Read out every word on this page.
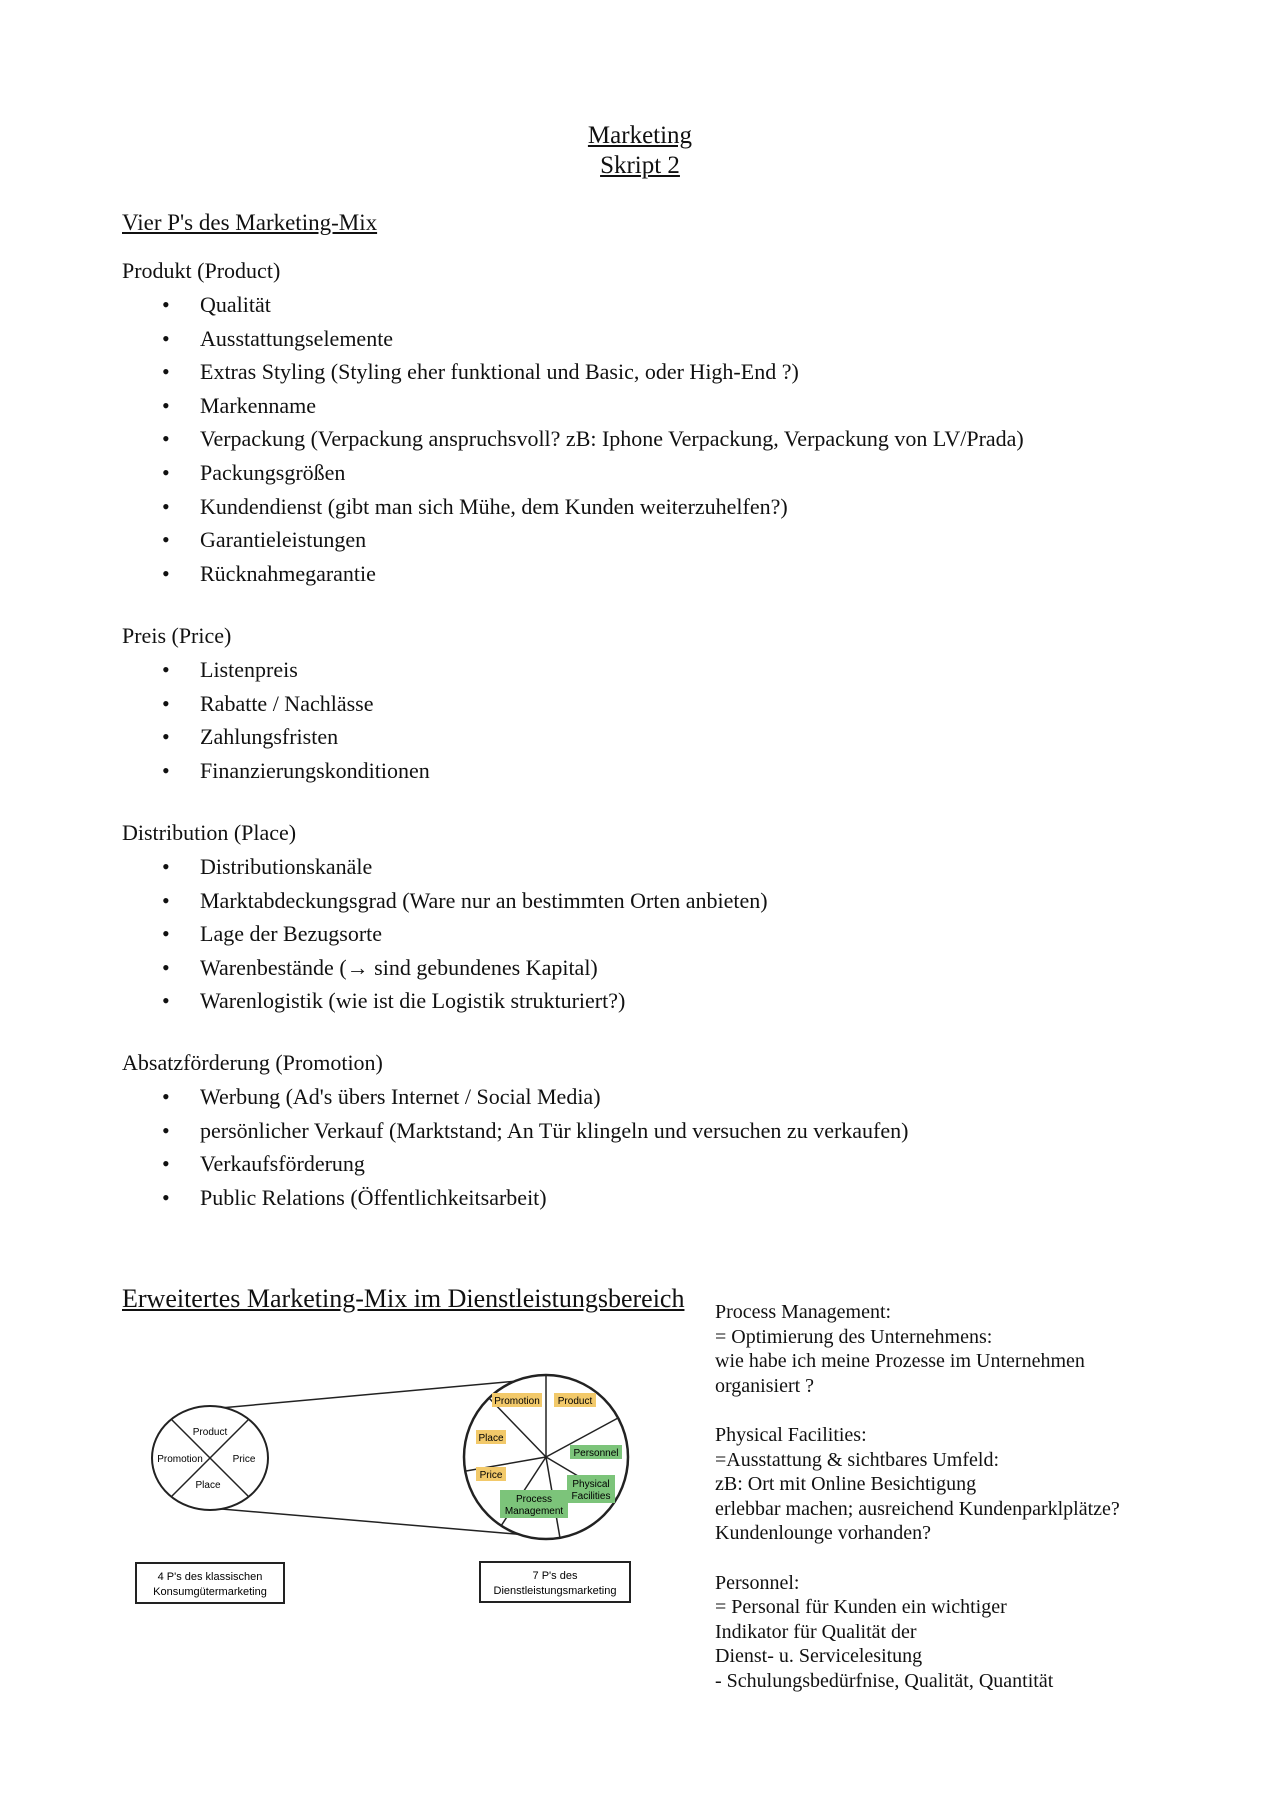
Marketing
Skript 2
Vier P's des Marketing-Mix
Produkt (Product)
• Qualität
• Ausstattungselemente
• Extras Styling (Styling eher funktional und Basic, oder High-End ?)
• Markenname
• Verpackung (Verpackung anspruchsvoll? zB: Iphone Verpackung, Verpackung von LV/Prada)
• Packungsgrößen
• Kundendienst (gibt man sich Mühe, dem Kunden weiterzuhelfen?)
• Garantieleistungen
• Rücknahmegarantie
Preis (Price)
• Listenpreis
• Rabatte / Nachlässe
• Zahlungsfristen
• Finanzierungskonditionen
Distribution (Place)
• Distributionskanäle
• Marktabdeckungsgrad (Ware nur an bestimmten Orten anbieten)
• Lage der Bezugsorte
• Warenbestände (→ sind gebundenes Kapital)
• Warenlogistik (wie ist die Logistik strukturiert?)
Absatzförderung (Promotion)
• Werbung (Ad's übers Internet / Social Media)
• persönlicher Verkauf (Marktstand; An Tür klingeln und versuchen zu verkaufen)
• Verkaufsförderung
• Public Relations (Öffentlichkeitsarbeit)
Erweitertes Marketing-Mix im Dienstleistungsbereich
Product
Promotion	Price
Place
Promotion Product
Place
Personnel
Price
Physical
Facilities
Process
Management
4 P's des klassischen
Konsumgütermarketing
7 P's des
Dienstleistungsmarketing

Process Management:

= Optimierung des Unternehmens:

wie habe ich meine Prozesse im Unternehmen

organisiert ?

Physical Facilities:

=Ausstattung & sichtbares Umfeld:

zB: Ort mit Online Besichtigung

erlebbar machen; ausreichend Kundenparklplätze?

Kundenlounge vorhanden?

Personnel:

= Personal für Kunden ein wichtiger

Indikator für Qualität der

Dienst- u. Servicelesitung

- Schulungsbedürfnise, Qualität, Quantität
